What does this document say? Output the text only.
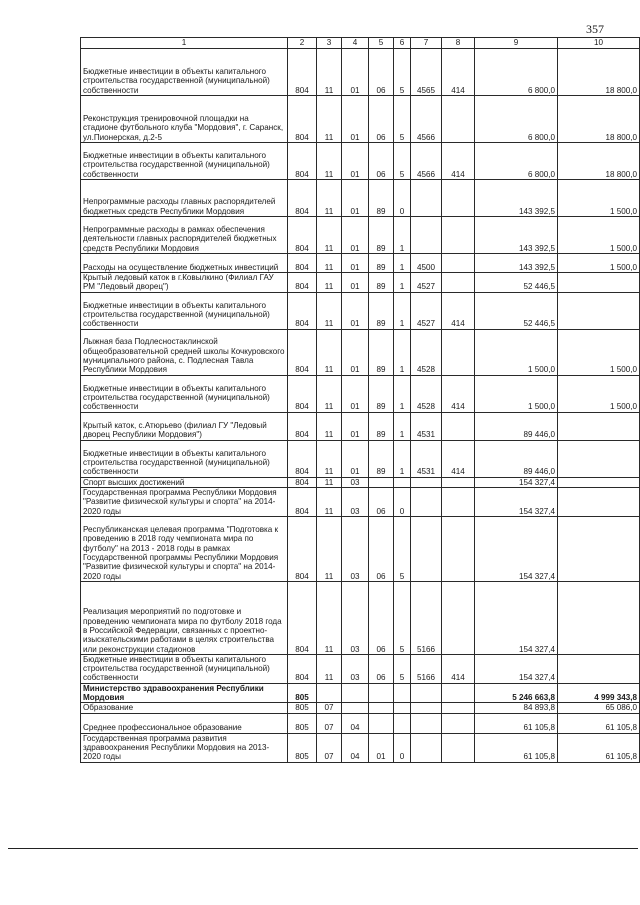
357
1	2	3	4	5	6	7	8	9	10
Бюджетные инвестиции в объекты капитального строительства государственной (муниципальной) собственности	804	11	01	06	5	4565	414	6 800,0	18 800,0
Реконструкция тренировочной площадки на стадионе футбольного клуба "Мордовия", г. Саранск, ул.Пионерская, д.2-5	804	11	01	06	5	4566		6 800,0	18 800,0
Бюджетные инвестиции в объекты капитального строительства государственной (муниципальной) собственности	804	11	01	06	5	4566	414	6 800,0	18 800,0
Непрограммные расходы главных распорядителей бюджетных средств Республики Мордовия	804	11	01	89	0			143 392,5	1 500,0
Непрограммные расходы в рамках обеспечения деятельности главных распорядителей бюджетных средств Республики Мордовия	804	11	01	89	1			143 392,5	1 500,0
Расходы на осуществление бюджетных инвестиций	804	11	01	89	1	4500		143 392,5	1 500,0
Крытый ледовый каток в г.Ковылкино (Филиал ГАУ РМ "Ледовый дворец")	804	11	01	89	1	4527		52 446,5	
Бюджетные инвестиции в объекты капитального строительства государственной (муниципальной) собственности	804	11	01	89	1	4527	414	52 446,5	
Лыжная база Подлесностаклинской общеобразовательной средней школы Кочкуровского муниципального района, с. Подлесная Тавла Республики Мордовия	804	11	01	89	1	4528		1 500,0	1 500,0
Бюджетные инвестиции в объекты капитального строительства государственной (муниципальной) собственности	804	11	01	89	1	4528	414	1 500,0	1 500,0
Крытый каток, с.Атюрьево (филиал ГУ "Ледовый дворец Республики Мордовия")	804	11	01	89	1	4531		89 446,0	
Бюджетные инвестиции в объекты капитального строительства государственной (муниципальной) собственности	804	11	01	89	1	4531	414	89 446,0	
Спорт высших достижений	804	11	03					154 327,4	
Государственная программа Республики Мордовия "Развитие физической культуры и спорта" на 2014-2020 годы	804	11	03	06	0			154 327,4	
Республиканская целевая программа "Подготовка к проведению в 2018 году чемпионата мира по футболу" на 2013 - 2018 годы в рамках Государственной программы Республики Мордовия "Развитие физической культуры и спорта" на 2014-2020 годы	804	11	03	06	5			154 327,4	
Реализация мероприятий по подготовке и проведению чемпионата мира по футболу 2018 года в Российской Федерации, связанных с проектно-изыскательскими работами в целях строительства или реконструкции стадионов	804	11	03	06	5	5166		154 327,4	
Бюджетные инвестиции в объекты капитального строительства государственной (муниципальной) собственности	804	11	03	06	5	5166	414	154 327,4	
Министерство здравоохранения Республики Мордовия	805							5 246 663,8	4 999 343,8
Образование	805	07						84 893,8	65 086,0
Среднее профессиональное образование	805	07	04					61 105,8	61 105,8
Государственная программа развития здравоохранения Республики Мордовия на 2013-2020 годы	805	07	04	01	0			61 105,8	61 105,8
